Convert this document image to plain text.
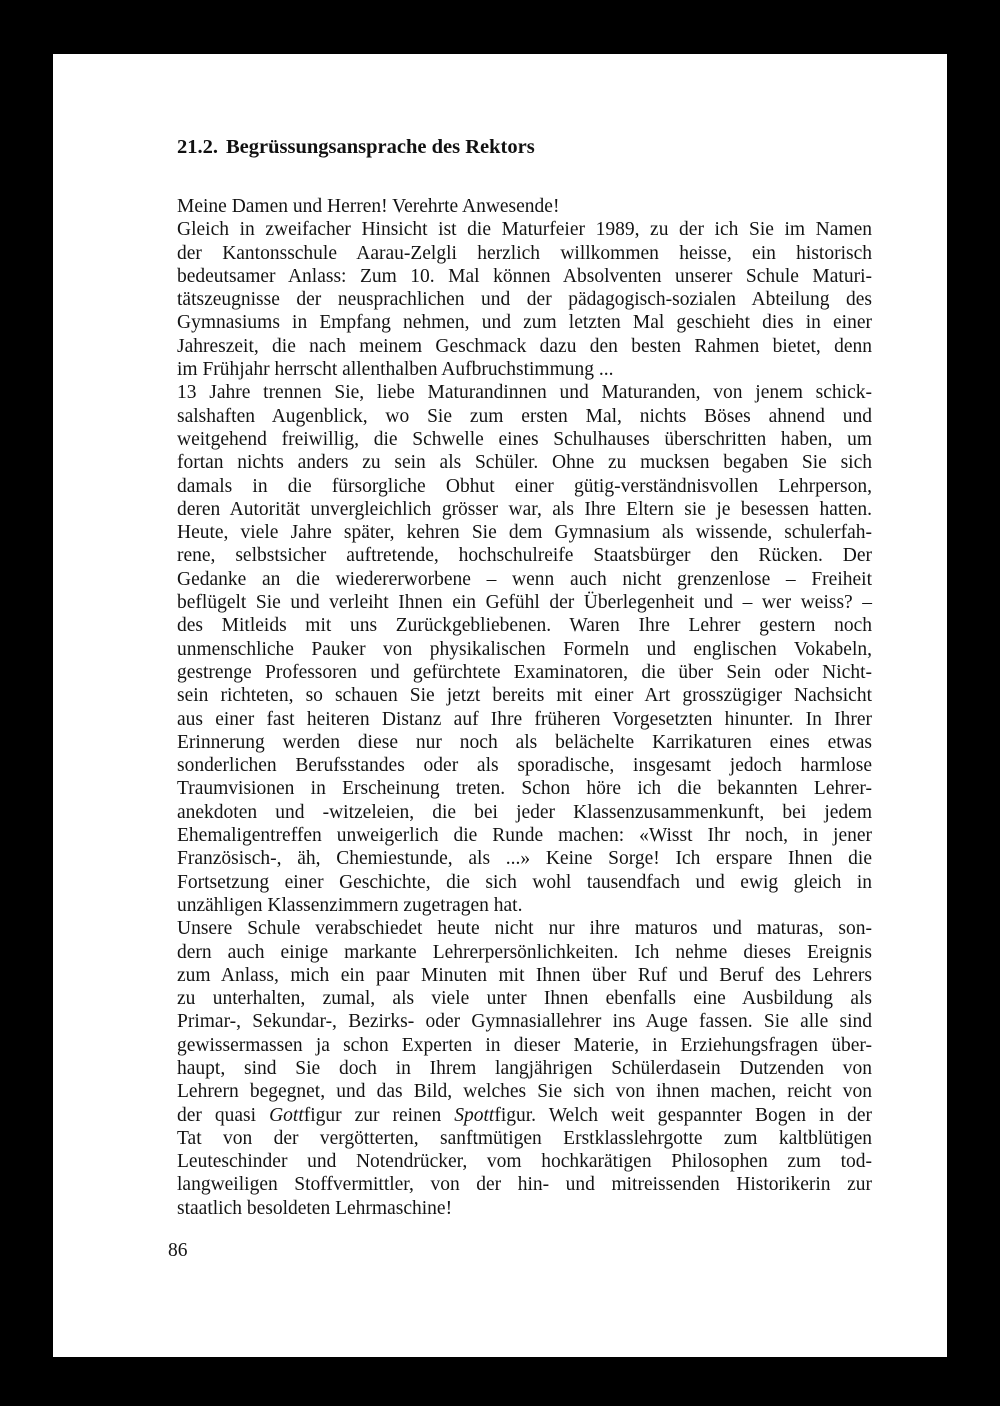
21.2. Begrüssungsansprache des Rektors
Meine Damen und Herren! Verehrte Anwesende!
Gleich in zweifacher Hinsicht ist die Maturfeier 1989, zu der ich Sie im Namen
der Kantonsschule Aarau-Zelgli herzlich willkommen heisse, ein historisch
bedeutsamer Anlass: Zum 10. Mal können Absolventen unserer Schule Maturi-
tätszeugnisse der neusprachlichen und der pädagogisch-sozialen Abteilung des
Gymnasiums in Empfang nehmen, und zum letzten Mal geschieht dies in einer
Jahreszeit, die nach meinem Geschmack dazu den besten Rahmen bietet, denn
im Frühjahr herrscht allenthalben Aufbruchstimmung ...
13 Jahre trennen Sie, liebe Maturandinnen und Maturanden, von jenem schick-
salshaften Augenblick, wo Sie zum ersten Mal, nichts Böses ahnend und
weitgehend freiwillig, die Schwelle eines Schulhauses überschritten haben, um
fortan nichts anders zu sein als Schüler. Ohne zu mucksen begaben Sie sich
damals in die fürsorgliche Obhut einer gütig-verständnisvollen Lehrperson,
deren Autorität unvergleichlich grösser war, als Ihre Eltern sie je besessen hatten.
Heute, viele Jahre später, kehren Sie dem Gymnasium als wissende, schulerfah-
rene, selbstsicher auftretende, hochschulreife Staatsbürger den Rücken. Der
Gedanke an die wiedererworbene – wenn auch nicht grenzenlose – Freiheit
beflügelt Sie und verleiht Ihnen ein Gefühl der Überlegenheit und – wer weiss? –
des Mitleids mit uns Zurückgebliebenen. Waren Ihre Lehrer gestern noch
unmenschliche Pauker von physikalischen Formeln und englischen Vokabeln,
gestrenge Professoren und gefürchtete Examinatoren, die über Sein oder Nicht-
sein richteten, so schauen Sie jetzt bereits mit einer Art grosszügiger Nachsicht
aus einer fast heiteren Distanz auf Ihre früheren Vorgesetzten hinunter. In Ihrer
Erinnerung werden diese nur noch als belächelte Karrikaturen eines etwas
sonderlichen Berufsstandes oder als sporadische, insgesamt jedoch harmlose
Traumvisionen in Erscheinung treten. Schon höre ich die bekannten Lehrer-
anekdoten und -witzeleien, die bei jeder Klassenzusammenkunft, bei jedem
Ehemaligentreffen unweigerlich die Runde machen: «Wisst Ihr noch, in jener
Französisch-, äh, Chemiestunde, als ...» Keine Sorge! Ich erspare Ihnen die
Fortsetzung einer Geschichte, die sich wohl tausendfach und ewig gleich in
unzähligen Klassenzimmern zugetragen hat.
Unsere Schule verabschiedet heute nicht nur ihre maturos und maturas, son-
dern auch einige markante Lehrerpersönlichkeiten. Ich nehme dieses Ereignis
zum Anlass, mich ein paar Minuten mit Ihnen über Ruf und Beruf des Lehrers
zu unterhalten, zumal, als viele unter Ihnen ebenfalls eine Ausbildung als
Primar-, Sekundar-, Bezirks- oder Gymnasiallehrer ins Auge fassen. Sie alle sind
gewissermassen ja schon Experten in dieser Materie, in Erziehungsfragen über-
haupt, sind Sie doch in Ihrem langjährigen Schülerdasein Dutzenden von
Lehrern begegnet, und das Bild, welches Sie sich von ihnen machen, reicht von
der quasi Gottfigur zur reinen Spottfigur. Welch weit gespannter Bogen in der
Tat von der vergötterten, sanftmütigen Erstklasslehrgotte zum kaltblütigen
Leuteschinder und Notendrücker, vom hochkarätigen Philosophen zum tod-
langweiligen Stoffvermittler, von der hin- und mitreissenden Historikerin zur
staatlich besoldeten Lehrmaschine!
86
